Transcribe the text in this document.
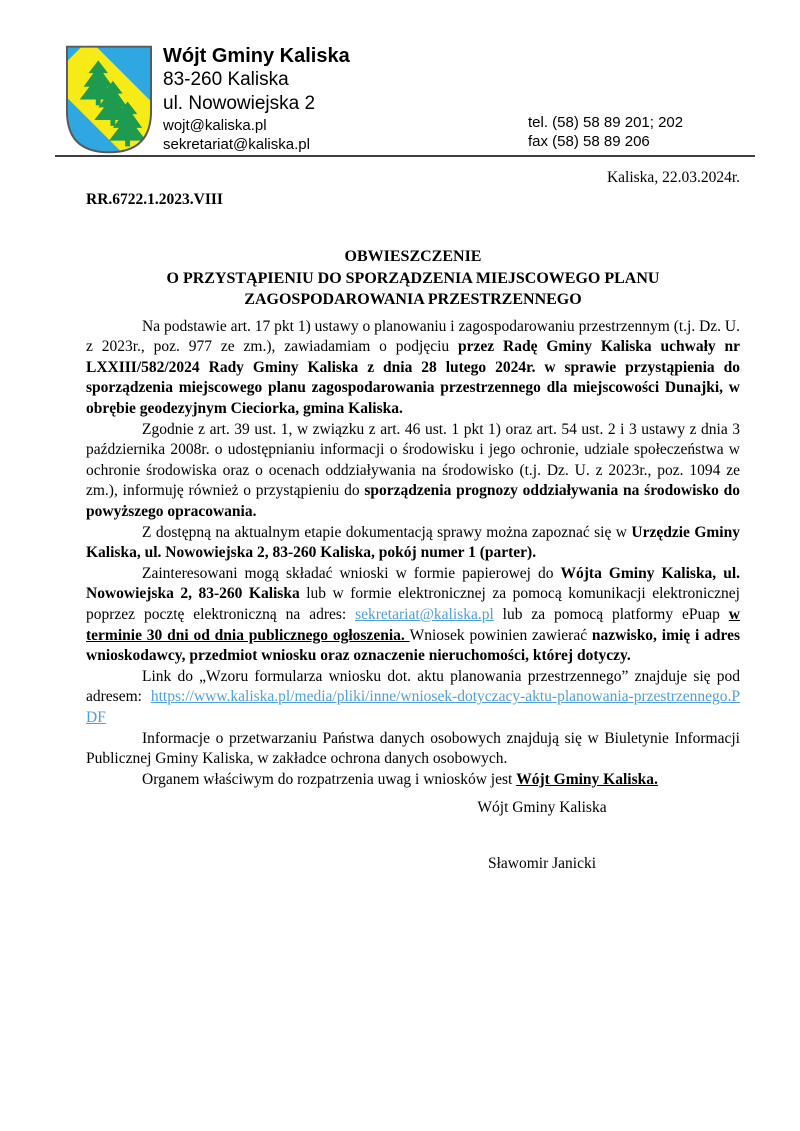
Wójt Gminy Kaliska
83-260 Kaliska
ul. Nowowiejska 2
wojt@kaliska.pl
sekretariat@kaliska.pl
tel. (58) 58 89 201; 202
fax (58) 58 89 206
Kaliska, 22.03.2024r.
RR.6722.1.2023.VIII
OBWIESZCZENIE
O PRZYSTĄPIENIU DO SPORZĄDZENIA MIEJSCOWEGO PLANU
ZAGOSPODAROWANIA PRZESTRZENNEGO

Na podstawie art. 17 pkt 1) ustawy o planowaniu i zagospodarowaniu przestrzennym (t.j. Dz. U. z 2023r., poz. 977 ze zm.), zawiadamiam o podjęciu przez Radę Gminy Kaliska uchwały nr LXXIII/582/2024 Rady Gminy Kaliska z dnia 28 lutego 2024r. w sprawie przystąpienia do sporządzenia miejscowego planu zagospodarowania przestrzennego dla miejscowości Dunajki, w obrębie geodezyjnym Cieciorka, gmina Kaliska.

Zgodnie z art. 39 ust. 1, w związku z art. 46 ust. 1 pkt 1) oraz art. 54 ust. 2 i 3 ustawy z dnia 3 października 2008r. o udostępnianiu informacji o środowisku i jego ochronie, udziale społeczeństwa w ochronie środowiska oraz o ocenach oddziaływania na środowisko (t.j. Dz. U. z 2023r., poz. 1094 ze zm.), informuję również o przystąpieniu do sporządzenia prognozy oddziaływania na środowisko do powyższego opracowania.

Z dostępną na aktualnym etapie dokumentacją sprawy można zapoznać się w Urzędzie Gminy Kaliska, ul. Nowowiejska 2, 83-260 Kaliska, pokój numer 1 (parter).

Zainteresowani mogą składać wnioski w formie papierowej do Wójta Gminy Kaliska, ul. Nowowiejska 2, 83-260 Kaliska lub w formie elektronicznej za pomocą komunikacji elektronicznej poprzez pocztę elektroniczną na adres: sekretariat@kaliska.pl lub za pomocą platformy ePuap w terminie 30 dni od dnia publicznego ogłoszenia. Wniosek powinien zawierać nazwisko, imię i adres wnioskodawcy, przedmiot wniosku oraz oznaczenie nieruchomości, której dotyczy.

Link do „Wzoru formularza wniosku dot. aktu planowania przestrzennego” znajduje się pod adresem: https://www.kaliska.pl/media/pliki/inne/wniosek-dotyczacy-aktu-planowania-przestrzennego.PDF

Informacje o przetwarzaniu Państwa danych osobowych znajdują się w Biuletynie Informacji Publicznej Gminy Kaliska, w zakładce ochrona danych osobowych.

Organem właściwym do rozpatrzenia uwag i wniosków jest Wójt Gminy Kaliska.

Wójt Gminy Kaliska
Sławomir Janicki
